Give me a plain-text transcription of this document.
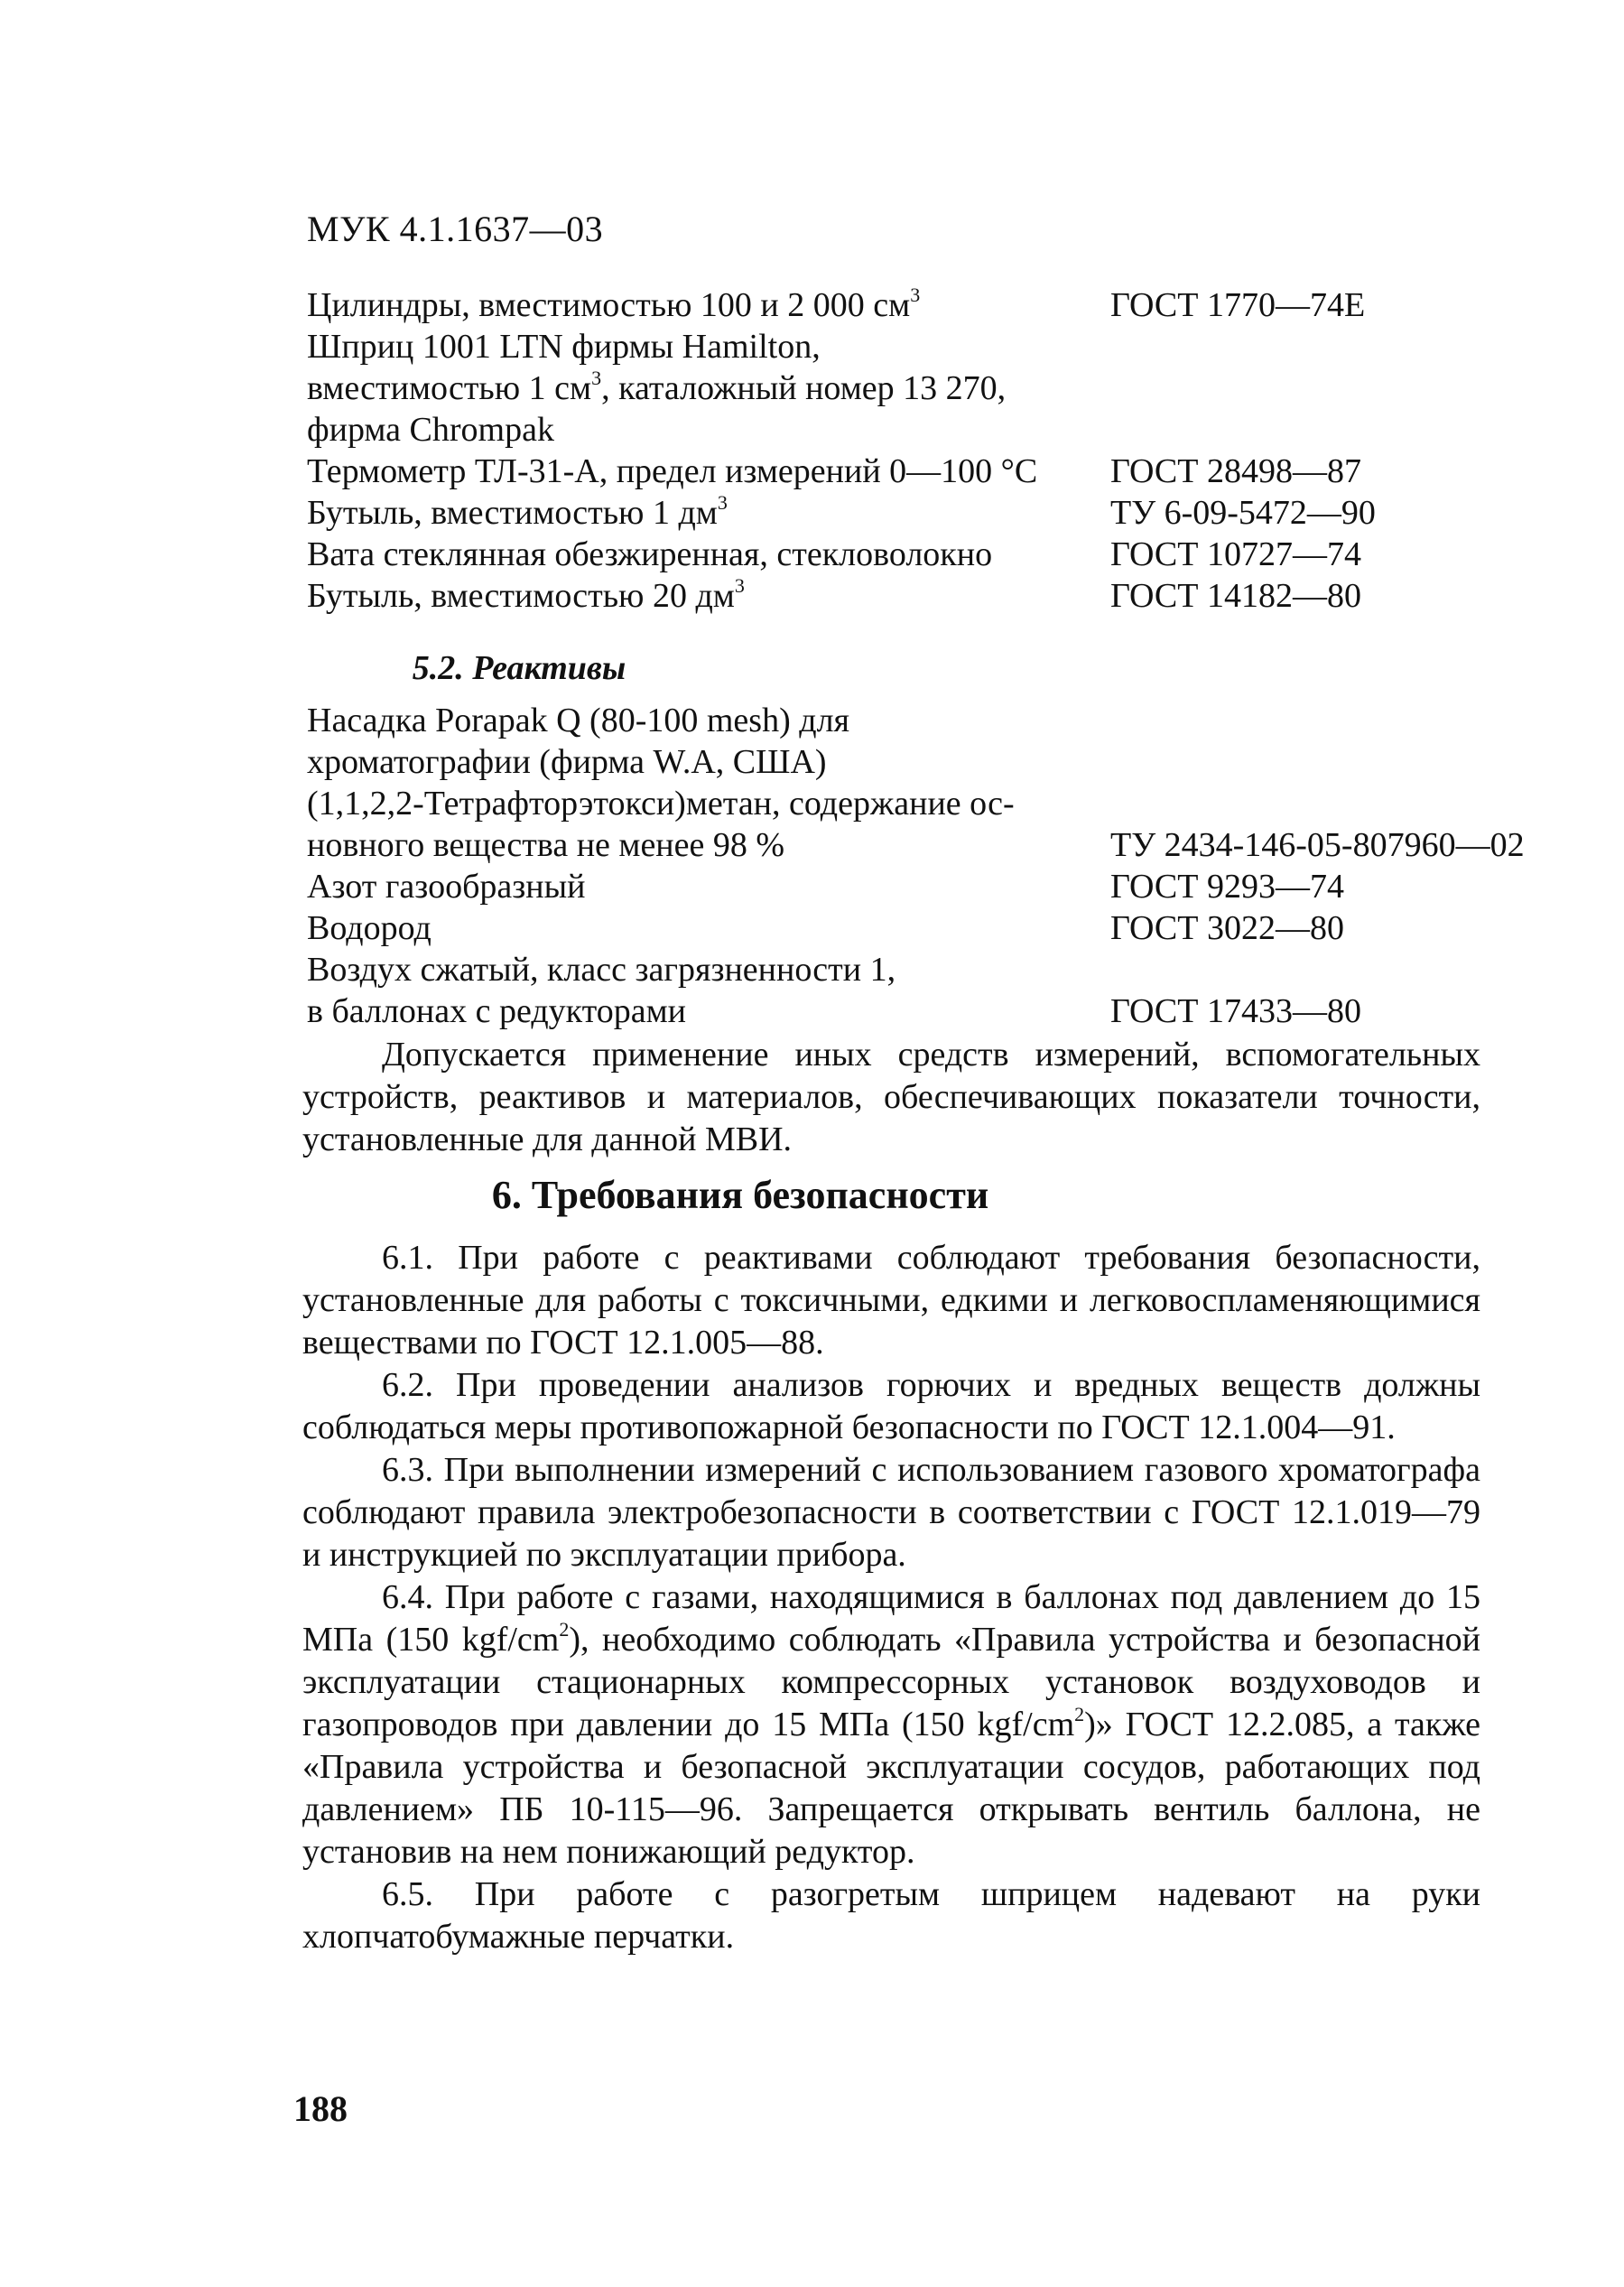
МУК 4.1.1637—03
Цилиндры, вместимостью 100 и 2 000 $см^3$	ГОСТ 1770—74Е
Шприц 1001 LTN фирмы Hamilton,
вместимостью 1 $см^3$, каталожный номер 13 270,
фирма Chrompak
Термометр ТЛ-31-А, предел измерений 0—100 °С ГОСТ 28498—87
Бутыль, вместимостью 1 $дм^3$	ТУ 6-09-5472—90
Вата стеклянная обезжиренная, стекловолокно	ГОСТ 10727—74
Бутыль, вместимостью 20 $дм^3$	ГОСТ 14182—80
5.2. Реактивы
Насадка Porapak Q (80-100 mesh) для
хроматографии (фирма W.A, США)
(1,1,2,2-Тетрафторэтокси)метан, содержание ос-
новного вещества не менее 98 %	ТУ 2434-146-05-807960—02
Азот газообразный	ГОСТ 9293—74
Водород	ГОСТ 3022—80
Воздух сжатый, класс загрязненности 1,
в баллонах с редукторами	ГОСТ 17433—80

Допускается применение иных средств измерений, вспомогательных устройств, реактивов и материалов, обеспечивающих показатели точности, установленные для данной МВИ.

6. Требования безопасности

6.1. При работе с реактивами соблюдают требования безопасности, установленные для работы с токсичными, едкими и легковоспламеняющимися веществами по ГОСТ 12.1.005—88.

6.2. При проведении анализов горючих и вредных веществ должны соблюдаться меры противопожарной безопасности по ГОСТ 12.1.004—91.

6.3. При выполнении измерений с использованием газового хроматографа соблюдают правила электробезопасности в соответствии с ГОСТ 12.1.019—79 и инструкцией по эксплуатации прибора.

6.4. При работе с газами, находящимися в баллонах под давлением до 15 МПа (150 kgf/$cm^2$), необходимо соблюдать «Правила устройства и безопасной эксплуатации стационарных компрессорных установок воздуховодов и газопроводов при давлении до 15 МПа (150 kgf/$cm^2$)» ГОСТ 12.2.085, а также «Правила устройства и безопасной эксплуатации сосудов, работающих под давлением» ПБ 10-115—96. Запрещается открывать вентиль баллона, не установив на нем понижающий редуктор.

6.5. При работе с разогретым шприцем надевают на руки хлопчатобумажные перчатки.

188
